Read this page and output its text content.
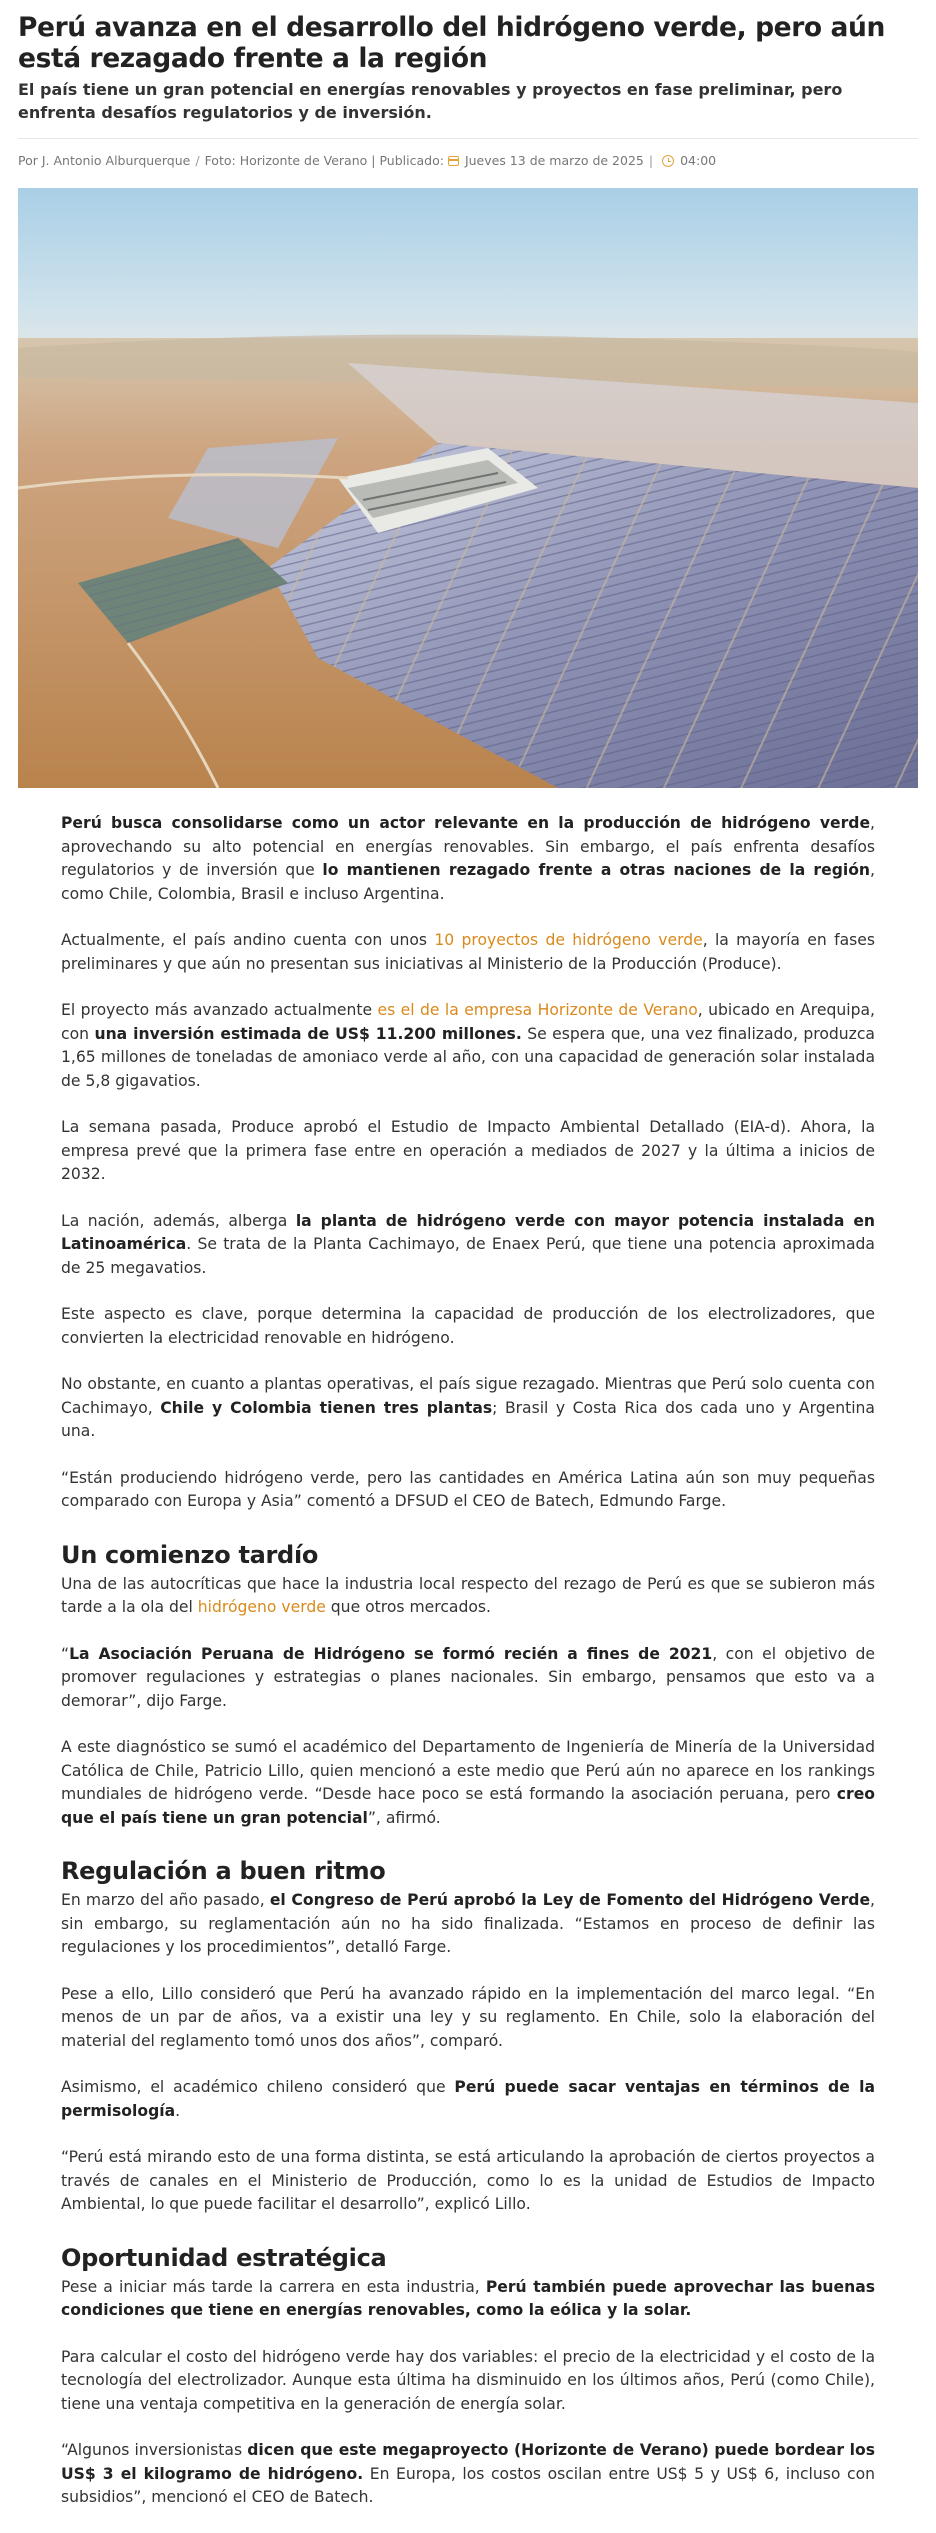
Perú avanza en el desarrollo del hidrógeno verde, pero aún está rezagado frente a la región

El país tiene un gran potencial en energías renovables y proyectos en fase preliminar, pero enfrenta desafíos regulatorios y de inversión.

Por J. Antonio Alburquerque / Foto: Horizonte de Verano | Publicado: Jueves 13 de marzo de 2025 | 04:00

Perú busca consolidarse como un actor relevante en la producción de hidrógeno verde, aprovechando su alto potencial en energías renovables. Sin embargo, el país enfrenta desafíos regulatorios y de inversión que lo mantienen rezagado frente a otras naciones de la región, como Chile, Colombia, Brasil e incluso Argentina.

Actualmente, el país andino cuenta con unos 10 proyectos de hidrógeno verde, la mayoría en fases preliminares y que aún no presentan sus iniciativas al Ministerio de la Producción (Produce).

El proyecto más avanzado actualmente es el de la empresa Horizonte de Verano, ubicado en Arequipa, con una inversión estimada de US$ 11.200 millones. Se espera que, una vez finalizado, produzca 1,65 millones de toneladas de amoniaco verde al año, con una capacidad de generación solar instalada de 5,8 gigavatios.

La semana pasada, Produce aprobó el Estudio de Impacto Ambiental Detallado (EIA-d). Ahora, la empresa prevé que la primera fase entre en operación a mediados de 2027 y la última a inicios de 2032.

La nación, además, alberga la planta de hidrógeno verde con mayor potencia instalada en Latinoamérica. Se trata de la Planta Cachimayo, de Enaex Perú, que tiene una potencia aproximada de 25 megavatios.

Este aspecto es clave, porque determina la capacidad de producción de los electrolizadores, que convierten la electricidad renovable en hidrógeno.

No obstante, en cuanto a plantas operativas, el país sigue rezagado. Mientras que Perú solo cuenta con Cachimayo, Chile y Colombia tienen tres plantas; Brasil y Costa Rica dos cada uno y Argentina una.

“Están produciendo hidrógeno verde, pero las cantidades en América Latina aún son muy pequeñas comparado con Europa y Asia” comentó a DFSUD el CEO de Batech, Edmundo Farge.

Un comienzo tardío

Una de las autocríticas que hace la industria local respecto del rezago de Perú es que se subieron más tarde a la ola del hidrógeno verde que otros mercados.

“La Asociación Peruana de Hidrógeno se formó recién a fines de 2021, con el objetivo de promover regulaciones y estrategias o planes nacionales. Sin embargo, pensamos que esto va a demorar”, dijo Farge.

A este diagnóstico se sumó el académico del Departamento de Ingeniería de Minería de la Universidad Católica de Chile, Patricio Lillo, quien mencionó a este medio que Perú aún no aparece en los rankings mundiales de hidrógeno verde. “Desde hace poco se está formando la asociación peruana, pero creo que el país tiene un gran potencial”, afirmó.

Regulación a buen ritmo

En marzo del año pasado, el Congreso de Perú aprobó la Ley de Fomento del Hidrógeno Verde, sin embargo, su reglamentación aún no ha sido finalizada. “Estamos en proceso de definir las regulaciones y los procedimientos”, detalló Farge.

Pese a ello, Lillo consideró que Perú ha avanzado rápido en la implementación del marco legal. “En menos de un par de años, va a existir una ley y su reglamento. En Chile, solo la elaboración del material del reglamento tomó unos dos años”, comparó.

Asimismo, el académico chileno consideró que Perú puede sacar ventajas en términos de la permisología.

“Perú está mirando esto de una forma distinta, se está articulando la aprobación de ciertos proyectos a través de canales en el Ministerio de Producción, como lo es la unidad de Estudios de Impacto Ambiental, lo que puede facilitar el desarrollo”, explicó Lillo.

Oportunidad estratégica

Pese a iniciar más tarde la carrera en esta industria, Perú también puede aprovechar las buenas condiciones que tiene en energías renovables, como la eólica y la solar.

Para calcular el costo del hidrógeno verde hay dos variables: el precio de la electricidad y el costo de la tecnología del electrolizador. Aunque esta última ha disminuido en los últimos años, Perú (como Chile), tiene una ventaja competitiva en la generación de energía solar.

“Algunos inversionistas dicen que este megaproyecto (Horizonte de Verano) puede bordear los US$ 3 el kilogramo de hidrógeno. En Europa, los costos oscilan entre US$ 5 y US$ 6, incluso con subsidios”, mencionó el CEO de Batech.
